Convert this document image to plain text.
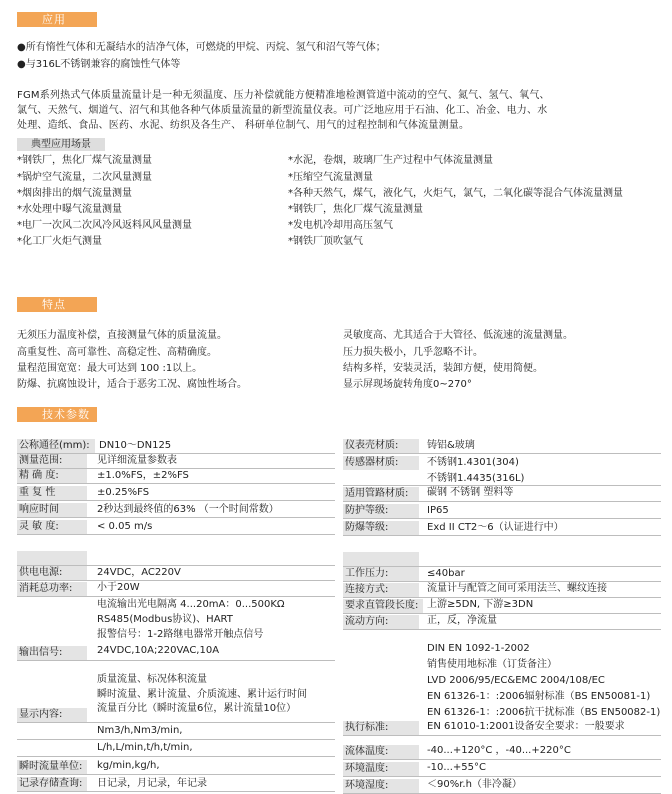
应用
●所有惰性气体和无凝结水的洁净气体，可燃烧的甲烷、丙烷、氢气和沼气等气体；
●与316L不锈钢兼容的腐蚀性气体等
FGM系列热式气体质量流量计是一种无须温度、压力补偿就能方便精准地检测管道中流动的空气、氮气、氢气、氧气、
氯气、天然气、烟道气、沼气和其他各种气体质量流量的新型流量仪表。可广泛地应用于石油、化工、冶金、电力、水
处理、造纸、食品、医药、水泥、纺织及各生产、 科研单位制气、用气的过程控制和气体流量测量。
典型应用场景
*钢铁厂，焦化厂煤气流量测量
*锅炉空气流量，二次风量测量
*烟囱排出的烟气流量测量
*水处理中曝气流量测量
*电厂一次风二次风冷风返料风风量测量
*化工厂火炬气测量
*水泥，卷烟，玻璃厂生产过程中气体流量测量
*压缩空气流量测量
*各种天然气，煤气，液化气，火炬气，氯气，二氧化碳等混合气体流量测量
*钢铁厂，焦化厂煤气流量测量
*发电机冷却用高压氢气
*钢铁厂顶吹氩气
特点
无须压力温度补偿，直接测量气体的质量流量。
高重复性、高可靠性、高稳定性、高精确度。
量程范围宽宽：最大可达到 100 :1以上。
防爆、抗腐蚀设计，适合于恶劣工况、腐蚀性场合。
灵敏度高、尤其适合于大管径、低流速的流量测量。
压力损失极小，几乎忽略不计。
结构多样，安装灵活，装卸方便，使用简便。
显示屏现场旋转角度0~270°
技术参数
公称通径(mm): DN10～DN125
测量范围:	见详细流量参数表
精 确 度:	±1.0%FS，±2%FS
重 复 性	±0.25%FS
响应时间	2秒达到最终值的63% （一个时间常数）
灵 敏 度:	< 0.05 m/s
供电电源:	24VDC，AC220V
消耗总功率:	小于20W
输出信号:
电流输出光电隔离 4...20mA：0...500KΩ
RS485(Modbus协议)、HART
报警信号：1-2路继电器常开触点信号
24VDC,10A;220VAC,10A
显示内容:
质量流量、标况体积流量
瞬时流量、累计流量、介质流速、累计运行时间
流量百分比（瞬时流量6位，累计流量10位）
Nm3/h,Nm3/min,
L/h,L/min,t/h,t/min,
瞬时流量单位:	kg/min,kg/h,
记录存储查询:	日记录，月记录，年记录
仪表壳材质:	铸铝&玻璃
传感器材质:	不锈钢1.4301(304)
不锈钢1.4435(316L)
适用管路材质:	碳钢 不锈钢 塑料等
防护等级:	IP65
防爆等级:	Exd II CT2～6（认证进行中）
工作压力:	≤40bar
连接方式:	流量计与配管之间可采用法兰、螺纹连接
要求直管段长度: 上游≥5DN, 下游≥3DN
流动方向:	正，反，净流量
执行标准:
DIN EN 1092-1-2002
销售使用地标准（订货备注）
LVD 2006/95/EC&EMC 2004/108/EC
EN 61326-1：:2006辐射标准（BS EN50081-1)
EN 61326-1：:2006抗干扰标准（BS EN50082-1)
EN 61010-1:2001设备安全要求：一般要求
流体温度:	-40...+120°C ，-40...+220°C
环境温度:	-10...+55°C
环境湿度:	＜90%r.h（非冷凝）
